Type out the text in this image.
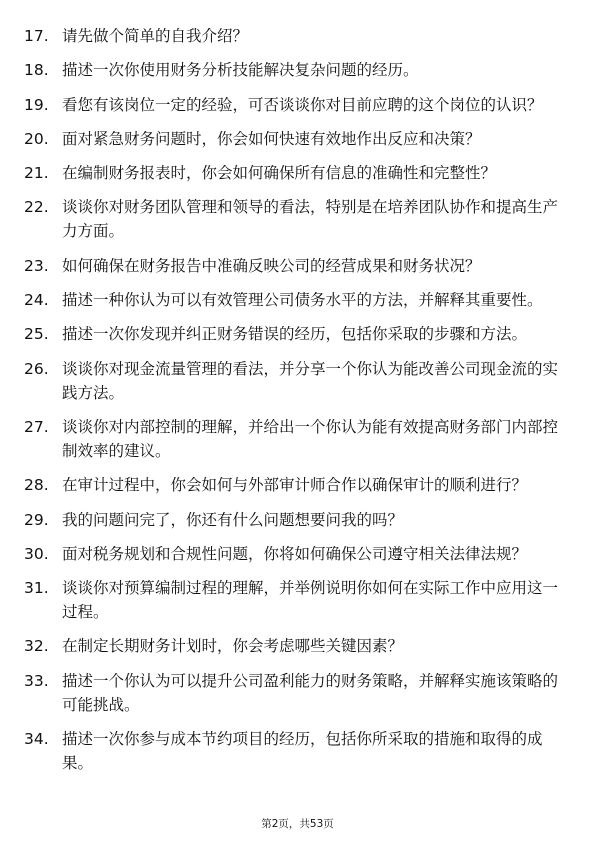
17. 请先做个简单的自我介绍？
18. 描述一次你使用财务分析技能解决复杂问题的经历。
19. 看您有该岗位一定的经验，可否谈谈你对目前应聘的这个岗位的认识？
20. 面对紧急财务问题时，你会如何快速有效地作出反应和决策？
21. 在编制财务报表时，你会如何确保所有信息的准确性和完整性？
22. 谈谈你对财务团队管理和领导的看法，特别是在培养团队协作和提高生产力方面。
23. 如何确保在财务报告中准确反映公司的经营成果和财务状况？
24. 描述一种你认为可以有效管理公司债务水平的方法，并解释其重要性。
25. 描述一次你发现并纠正财务错误的经历，包括你采取的步骤和方法。
26. 谈谈你对现金流量管理的看法，并分享一个你认为能改善公司现金流的实践方法。
27. 谈谈你对内部控制的理解，并给出一个你认为能有效提高财务部门内部控制效率的建议。
28. 在审计过程中，你会如何与外部审计师合作以确保审计的顺利进行？
29. 我的问题问完了，你还有什么问题想要问我的吗？
30. 面对税务规划和合规性问题，你将如何确保公司遵守相关法律法规？
31. 谈谈你对预算编制过程的理解，并举例说明你如何在实际工作中应用这一过程。
32. 在制定长期财务计划时，你会考虑哪些关键因素？
33. 描述一个你认为可以提升公司盈利能力的财务策略，并解释实施该策略的可能挑战。
34. 描述一次你参与成本节约项目的经历，包括你所采取的措施和取得的成果。
第2页，共53页
